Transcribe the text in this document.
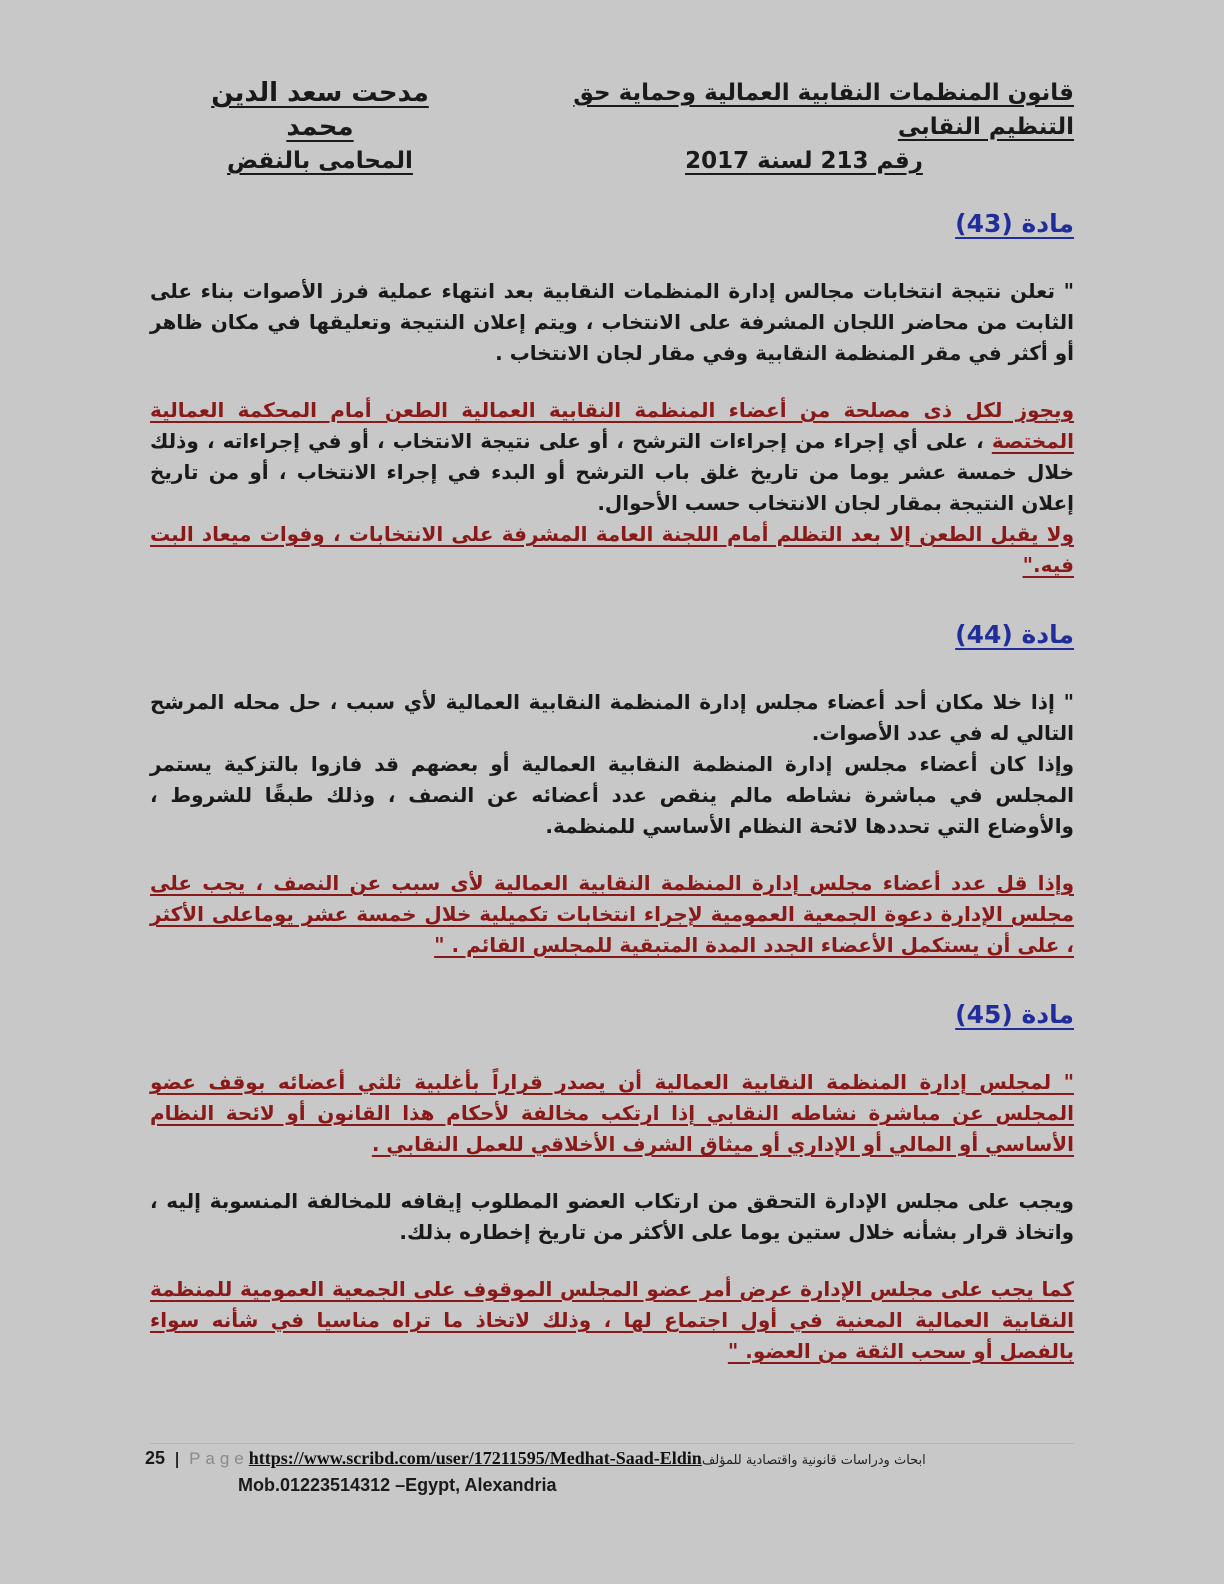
قانون المنظمات النقابية العمالية وحماية حق التنظيم النقابى
رقم 213 لسنة 2017
مدحت سعد الدين محمد
المحامى بالنقض
مادة (43)

" تعلن نتيجة انتخابات مجالس إدارة المنظمات النقابية بعد انتهاء عملية فرز الأصوات بناء على الثابت من محاضر اللجان المشرفة على الانتخاب ، ويتم إعلان النتيجة وتعليقها في مكان ظاهر أو أكثر في مقر المنظمة النقابية وفي مقار لجان الانتخاب .

ويجوز لكل ذى مصلحة من أعضاء المنظمة النقابية العمالية الطعن أمام المحكمة العمالية المختصة ، على أي إجراء من إجراءات الترشح ، أو على نتيجة الانتخاب ، أو في إجراءاته ، وذلك خلال خمسة عشر يوما من تاريخ غلق باب الترشح أو البدء في إجراء الانتخاب ، أو من تاريخ إعلان النتيجة بمقار لجان الانتخاب حسب الأحوال.

ولا يقبل الطعن إلا بعد التظلم أمام اللجنة العامة المشرفة على الانتخابات ، وفوات ميعاد البت فيه."

مادة (44)

" إذا خلا مكان أحد أعضاء مجلس إدارة المنظمة النقابية العمالية لأي سبب ، حل محله المرشح التالي له في عدد الأصوات.

وإذا كان أعضاء مجلس إدارة المنظمة النقابية العمالية أو بعضهم قد فازوا بالتزكية يستمر المجلس في مباشرة نشاطه مالم ينقص عدد أعضائه عن النصف ، وذلك طبقًا للشروط ، والأوضاع التي تحددها لائحة النظام الأساسي للمنظمة.

وإذا قل عدد أعضاء مجلس إدارة المنظمة النقابية العمالية لأى سبب عن النصف ، يجب على مجلس الإدارة دعوة الجمعية العمومية لإجراء انتخابات تكميلية خلال خمسة عشر يوماعلى الأكثر ، على أن يستكمل الأعضاء الجدد المدة المتبقية للمجلس القائم . "

مادة (45)

" لمجلس إدارة المنظمة النقابية العمالية أن يصدر قراراً بأغلبية ثلثي أعضائه بوقف عضو المجلس عن مباشرة نشاطه النقابي إذا ارتكب مخالفة لأحكام هذا القانون أو لائحة النظام الأساسي أو المالي أو الإداري أو ميثاق الشرف الأخلاقي للعمل النقابي .

ويجب على مجلس الإدارة التحقق من ارتكاب العضو المطلوب إيقافه للمخالفة المنسوبة إليه ، واتخاذ قرار بشأنه خلال ستين يوما على الأكثر من تاريخ إخطاره بذلك.

كما يجب على مجلس الإدارة عرض أمر عضو المجلس الموقوف على الجمعية العمومية للمنظمة النقابية العمالية المعنية في أول اجتماع لها ، وذلك لاتخاذ ما تراه مناسيا في شأنه سواء بالفصل أو سحب الثقة من العضو. "

25 | Pagehttps://www.scribd.com/user/17211595/Medhat-Saad-Eldinابحاث ودراسات قانونية واقتصادية للمؤلف
Mob.01223514312 –Egypt, Alexandria
